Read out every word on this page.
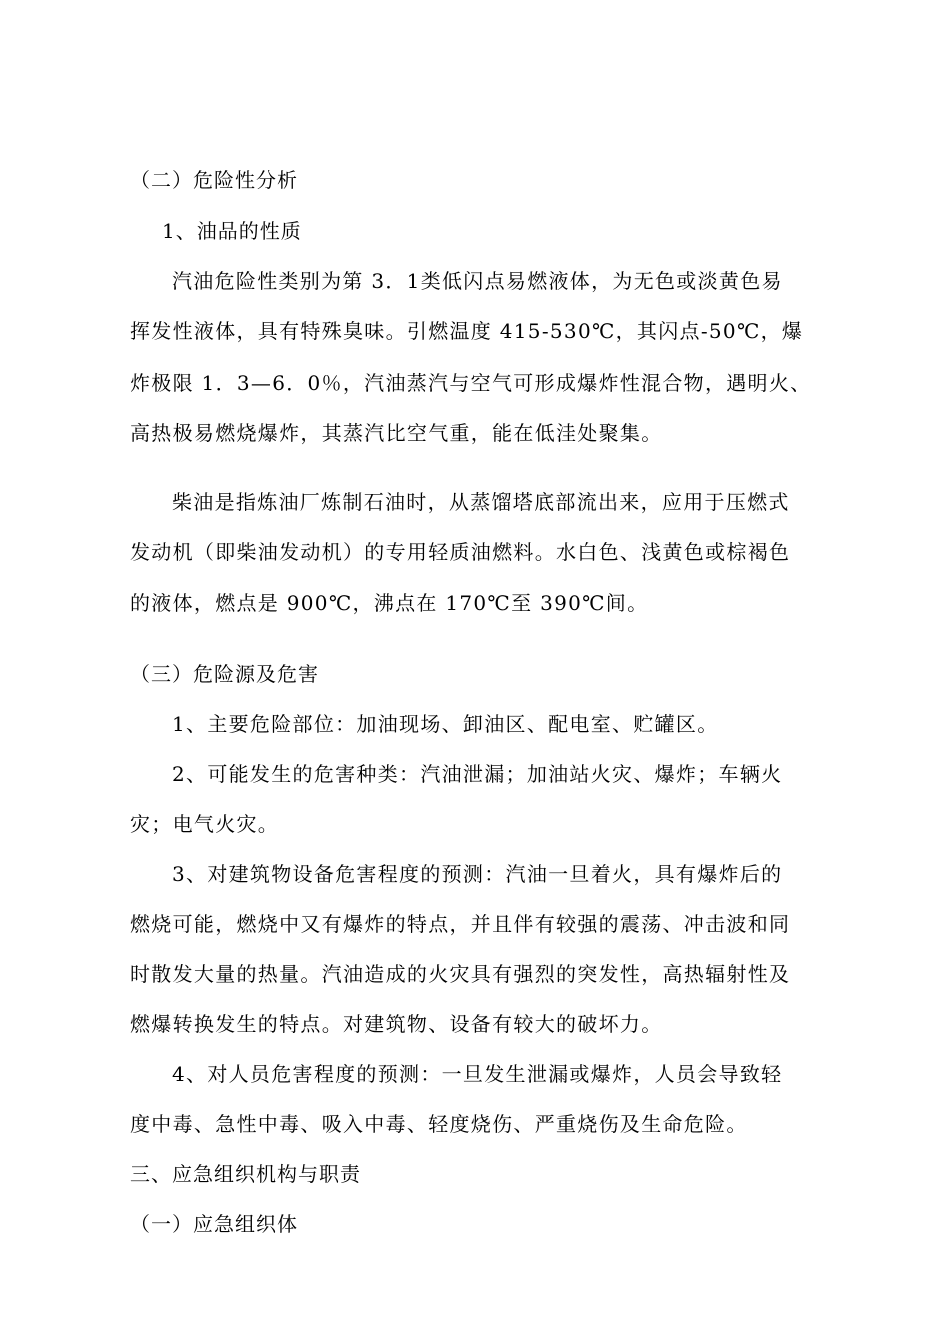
（二）危险性分析
1、油品的性质
汽油危险性类别为第 3．1类低闪点易燃液体，为无色或淡黄色易
挥发性液体，具有特殊臭味。引燃温度 415-530℃，其闪点-50℃，爆
炸极限 1．3—6．0％，汽油蒸汽与空气可形成爆炸性混合物，遇明火、
高热极易燃烧爆炸，其蒸汽比空气重，能在低洼处聚集。
柴油是指炼油厂炼制石油时，从蒸馏塔底部流出来，应用于压燃式
发动机（即柴油发动机）的专用轻质油燃料。水白色、浅黄色或棕褐色
的液体，燃点是 900℃，沸点在 170℃至 390℃间。
（三）危险源及危害
1、主要危险部位：加油现场、卸油区、配电室、贮罐区。
2、可能发生的危害种类：汽油泄漏；加油站火灾、爆炸；车辆火
灾；电气火灾。
3、对建筑物设备危害程度的预测：汽油一旦着火，具有爆炸后的
燃烧可能，燃烧中又有爆炸的特点，并且伴有较强的震荡、冲击波和同
时散发大量的热量。汽油造成的火灾具有强烈的突发性，高热辐射性及
燃爆转换发生的特点。对建筑物、设备有较大的破坏力。
4、对人员危害程度的预测：一旦发生泄漏或爆炸，人员会导致轻
度中毒、急性中毒、吸入中毒、轻度烧伤、严重烧伤及生命危险。
三、应急组织机构与职责
（一）应急组织体
